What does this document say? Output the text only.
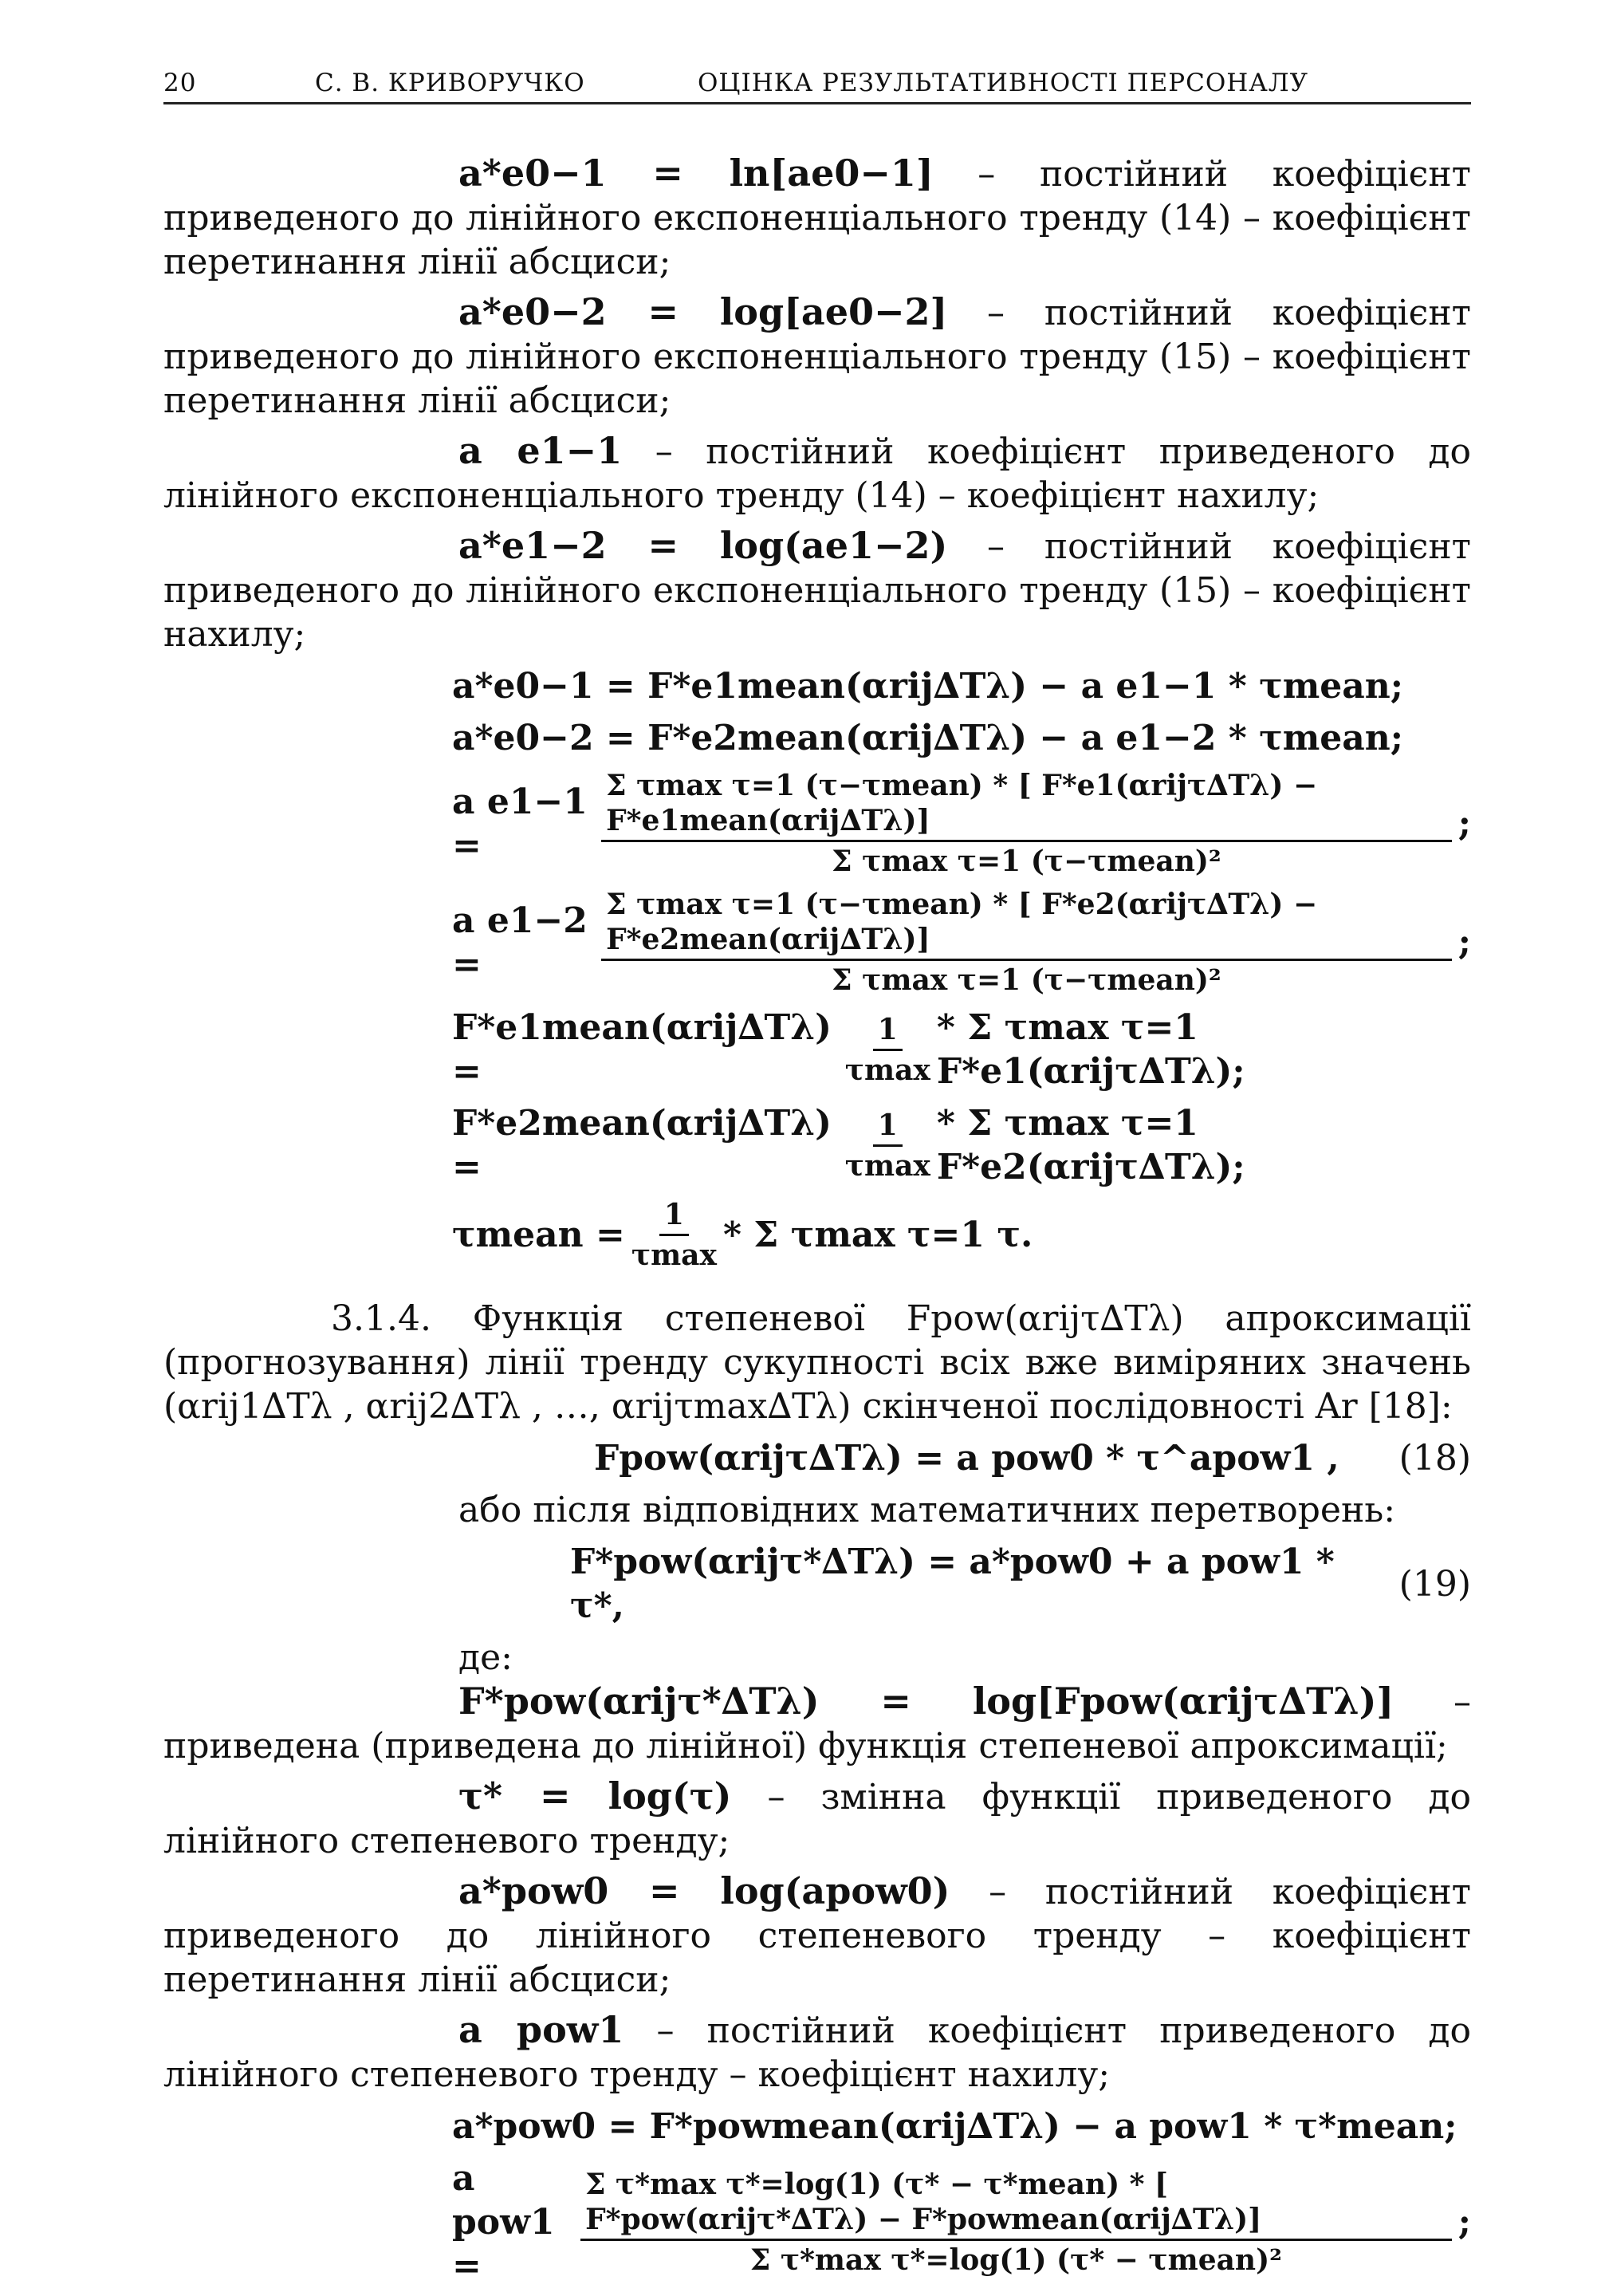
20	С. В. КРИВОРУЧКО	ОЦІНКА РЕЗУЛЬТАТИВНОСТІ ПЕРСОНАЛУ

a*e0−1 = ln[ae0−1] – постійний коефіцієнт приведеного до лінійного експоненціального тренду (14) – коефіцієнт перетинання лінії абсциси;

a*e0−2 = log[ae0−2] – постійний коефіцієнт приведеного до лінійного експоненціального тренду (15) – коефіцієнт перетинання лінії абсциси;

a e1−1 – постійний коефіцієнт приведеного до лінійного експоненціального тренду (14) – коефіцієнт нахилу;

a*e1−2 = log(ae1−2) – постійний коефіцієнт приведеного до лінійного експоненціального тренду (15) – коефіцієнт нахилу;

a*e0−1 = F*e1mean(αrij∆Tλ) − a e1−1 * τmean;
a*e0−2 = F*e2mean(αrij∆Tλ) − a e1−2 * τmean;
a e1−1 =	$\frac{\text{Σ τmax τ=1 (τ−τmean) * [ F*e1(αrijτ∆Tλ) − F*e1mean(αrij∆Tλ)]}}{\text{Σ τmax τ=1 (τ−τmean)²}}$ ;
a e1−2 =	$\frac{\text{Σ τmax τ=1 (τ−τmean) * [ F*e2(αrijτ∆Tλ) − F*e2mean(αrij∆Tλ)]}}{\text{Σ τmax τ=1 (τ−τmean)²}}$ ;
F*e1mean(αrij∆Tλ) =	$\frac{1}{\tau\max}$ * Σ τmax τ=1 F*e1(αrijτ∆Tλ);
F*e2mean(αrij∆Tλ) =	$\frac{1}{\tau\max}$ * Σ τmax τ=1 F*e2(αrijτ∆Tλ);
τmean = $\frac{1}{\tau\max}$ * Σ τmax τ=1 τ.

3.1.4. Функція степеневої Fpow(αrijτ∆Tλ) апроксимації (прогнозування) лінії тренду сукупності всіх вже виміряних значень (αrij1∆Tλ , αrij2∆Tλ , …, αrijτmax∆Tλ) скінченої послідовності Ar [18]:

Fpow(αrijτ∆Tλ) = a pow0 * τ^apow1 , (18)

або після відповідних математичних перетворень:

F*pow(αrijτ*∆Tλ) = a*pow0 + a pow1 * τ*,
(19)

де:

F*pow(αrijτ*∆Tλ) = log[Fpow(αrijτ∆Tλ)] – приведена (приведена до лінійної) функція степеневої апроксимації;

τ* = log(τ) – змінна функції приведеного до лінійного степеневого тренду;

a*pow0 = log(apow0) – постійний коефіцієнт приведеного до лінійного степеневого тренду – коефіцієнт перетинання лінії абсциси;

a pow1 – постійний коефіцієнт приведеного до лінійного степеневого тренду – коефіцієнт нахилу;

a*pow0 = F*powmean(αrij∆Tλ) − a pow1 * τ*mean;
a pow1 =
Σ τ*max τ*=log(1) (τ* − τ*mean) * [ F*pow(αrijτ*∆Tλ) − F*powmean(αrij∆Tλ)]
Σ τ*max τ*=log(1) (τ* − τmean)²
;
